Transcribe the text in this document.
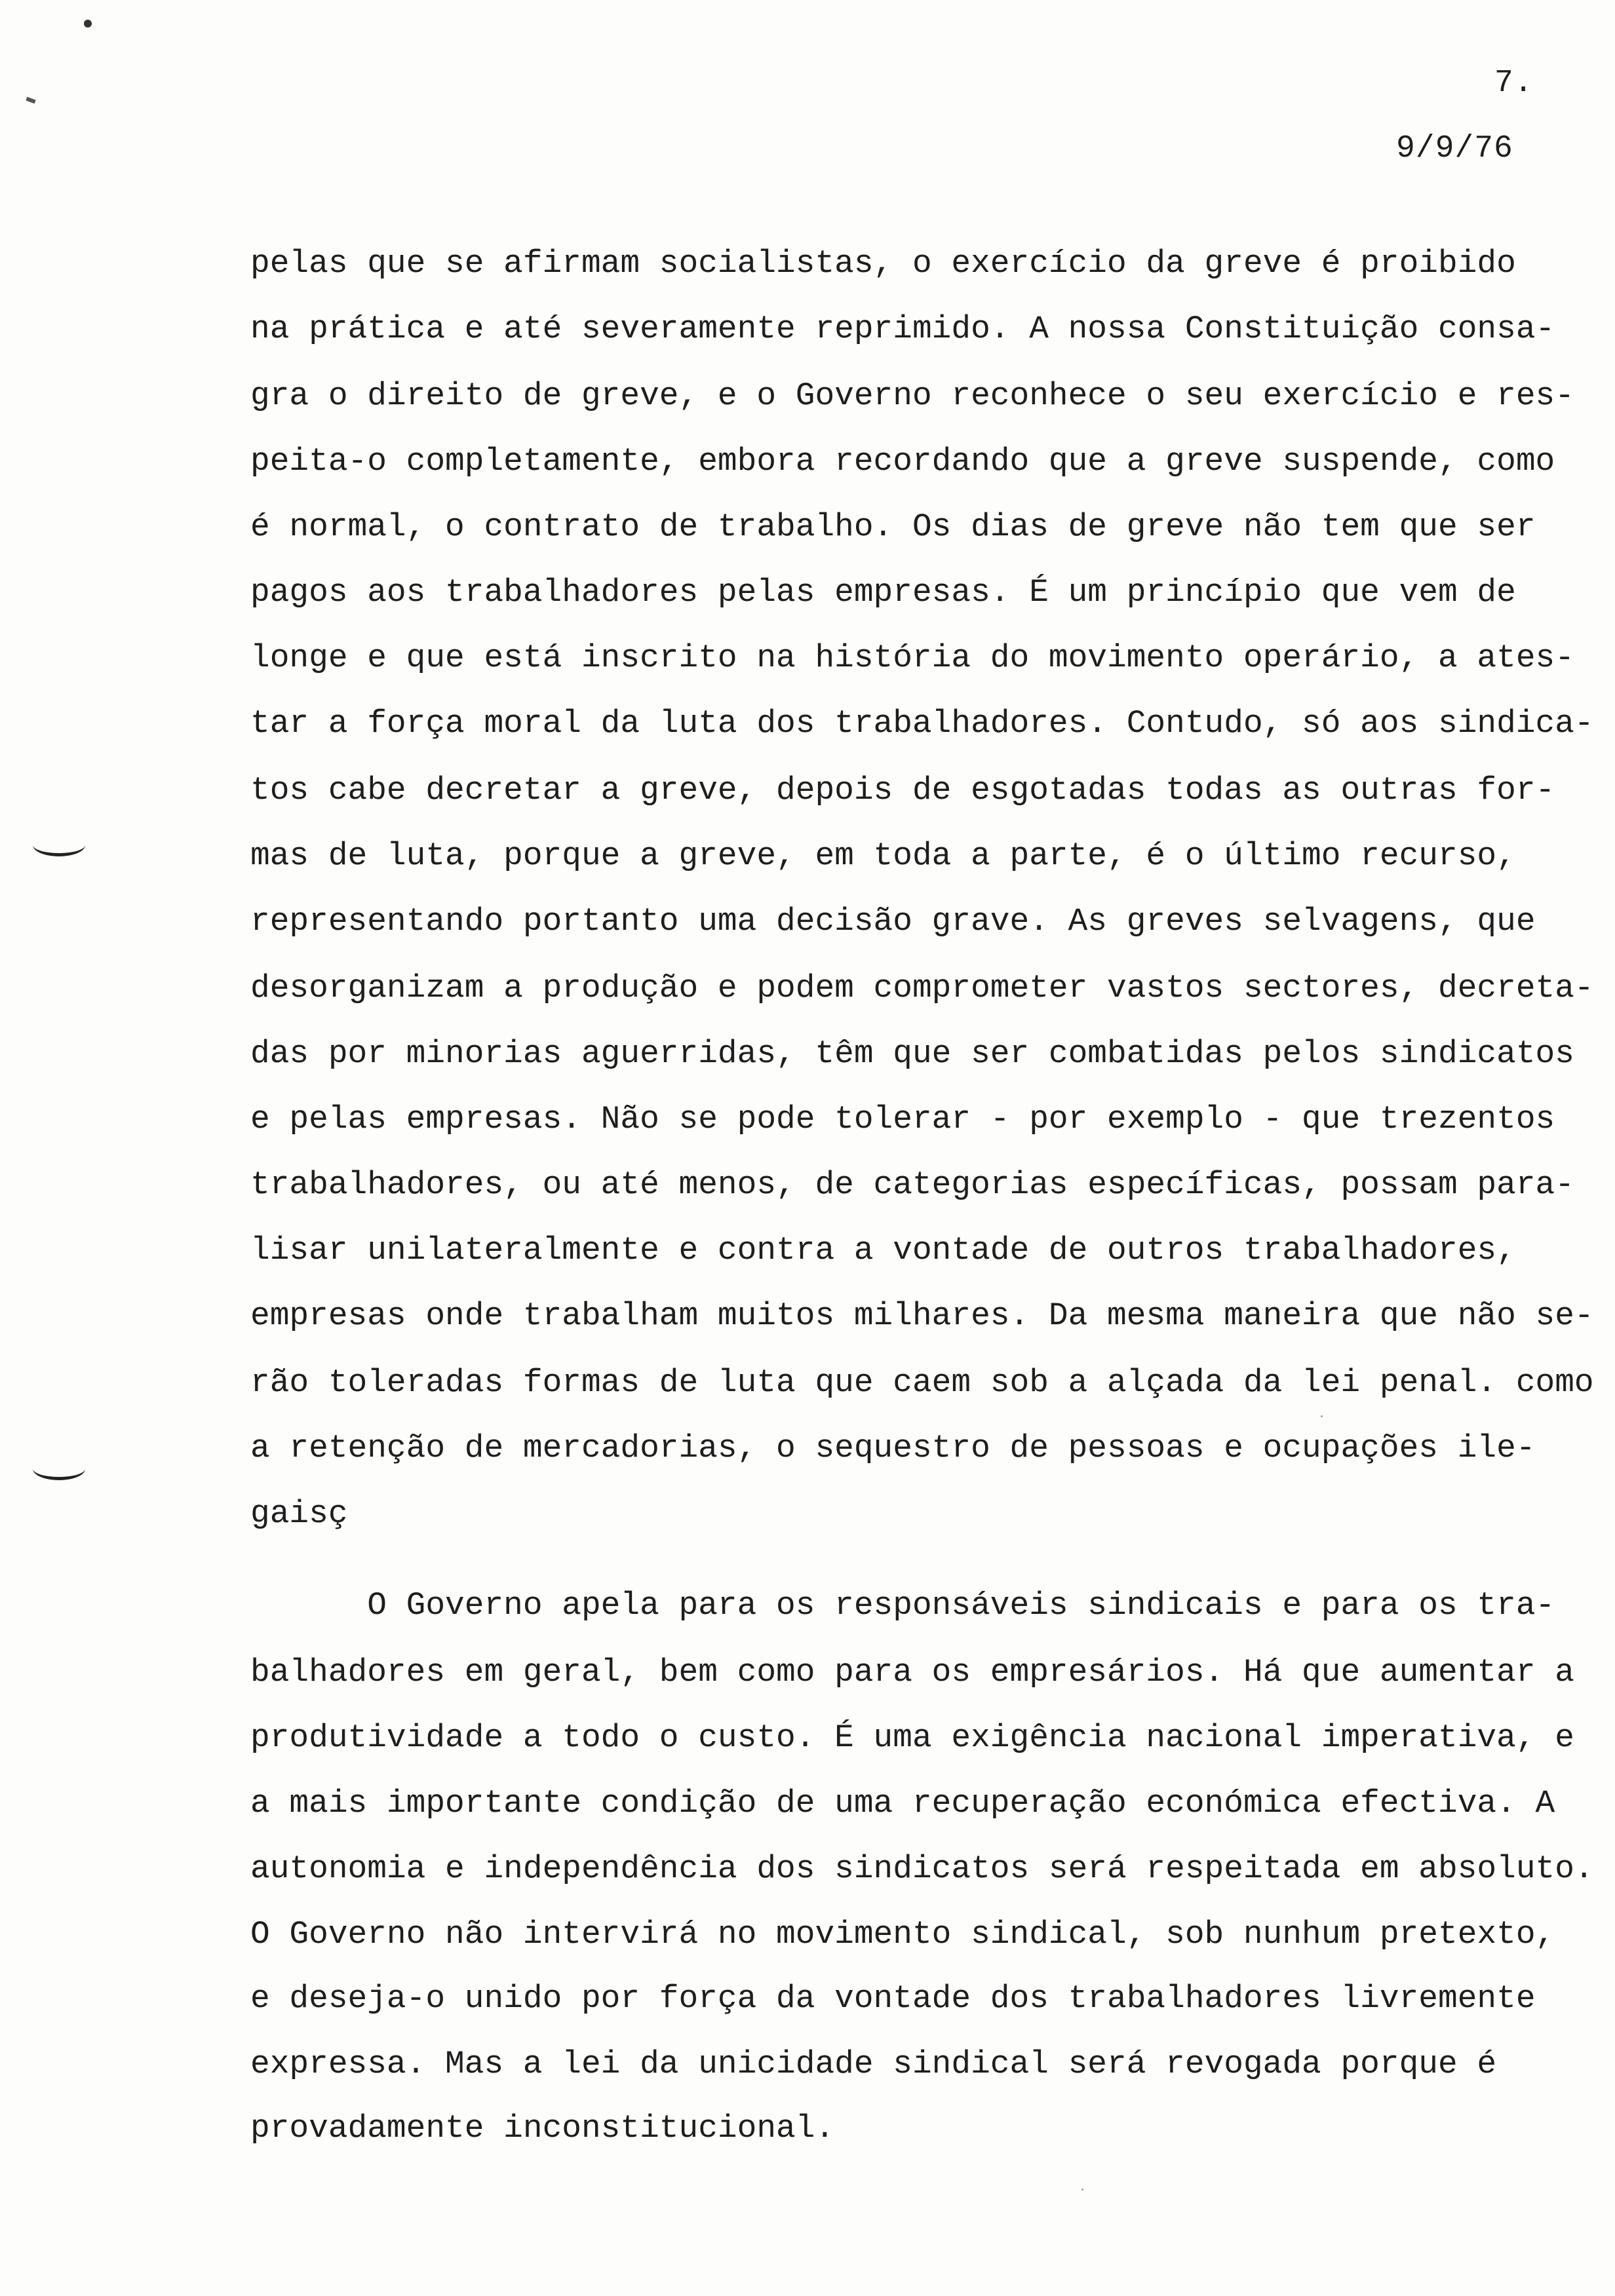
7.
9/9/76
pelas que se afirmam socialistas, o exercício da greve é proibido
na prática e até severamente reprimido. A nossa Constituição consa-
gra o direito de greve, e o Governo reconhece o seu exercício e res-
peita-o completamente, embora recordando que a greve suspende, como
é normal, o contrato de trabalho. Os dias de greve não tem que ser
pagos aos trabalhadores pelas empresas. É um princípio que vem de
longe e que está inscrito na história do movimento operário, a ates-
tar a força moral da luta dos trabalhadores. Contudo, só aos sindica-
tos cabe decretar a greve, depois de esgotadas todas as outras for-
mas de luta, porque a greve, em toda a parte, é o último recurso,
representando portanto uma decisão grave. As greves selvagens, que
desorganizam a produção e podem comprometer vastos sectores, decreta-
das por minorias aguerridas, têm que ser combatidas pelos sindicatos
e pelas empresas. Não se pode tolerar - por exemplo - que trezentos
trabalhadores, ou até menos, de categorias específicas, possam para-
lisar unilateralmente e contra a vontade de outros trabalhadores,
empresas onde trabalham muitos milhares. Da mesma maneira que não se-
rão toleradas formas de luta que caem sob a alçada da lei penal. como
a retenção de mercadorias, o sequestro de pessoas e ocupações ile-
gaisç
O Governo apela para os responsáveis sindicais e para os tra-
balhadores em geral, bem como para os empresários. Há que aumentar a
produtividade a todo o custo. É uma exigência nacional imperativa, e
a mais importante condição de uma recuperação económica efectiva. A
autonomia e independência dos sindicatos será respeitada em absoluto.
O Governo não intervirá no movimento sindical, sob nunhum pretexto,
e deseja-o unido por força da vontade dos trabalhadores livremente
expressa. Mas a lei da unicidade sindical será revogada porque é
provadamente inconstitucional.
